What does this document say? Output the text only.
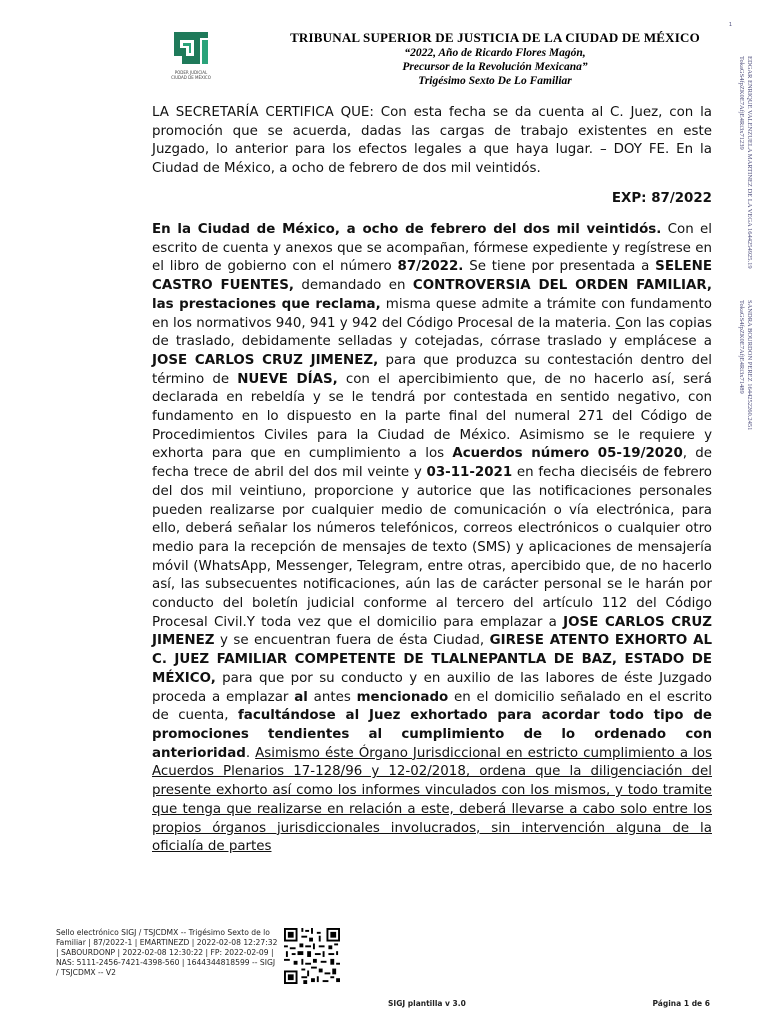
1
PODER JUDICIAL
CIUDAD DE MÉXICO
TRIBUNAL SUPERIOR DE JUSTICIA DE LA CIUDAD DE MÉXICO
“2022, Año de Ricardo Flores Magón,
Precursor de la Revolución Mexicana”
Trigésimo Sexto De Lo Familiar	EDGAR ENRIQUE VALENZUELA MARTINEZ DE LA VEGA 1644254925.19 TokaGS4fpZK0E7AfjE4Ri3x71239
SANDRA BOURDON PEREZ 1644252260.2451 TokaGS4fpZK0E7AfjE4Ri3x71489
LA SECRETARÍA CERTIFICA QUE: Con esta fecha se da cuenta al C. Juez, con la promoción que se acuerda, dadas las cargas de trabajo existentes en este Juzgado, lo anterior para los efectos legales a que haya lugar. – DOY FE. En la Ciudad de México, a ocho de febrero de dos mil veintidós.
EXP: 87/2022
En la Ciudad de México, a ocho de febrero del dos mil veintidós. Con el escrito de cuenta y anexos que se acompañan, fórmese expediente y regístrese en el libro de gobierno con el número 87/2022. Se tiene por presentada a SELENE CASTRO FUENTES, demandado en CONTROVERSIA DEL ORDEN FAMILIAR, las prestaciones que reclama, misma quese admite a trámite con fundamento en los normativos 940, 941 y 942 del Código Procesal de la materia. Con las copias de traslado, debidamente selladas y cotejadas, córrase traslado y emplácese a JOSE CARLOS CRUZ JIMENEZ, para que produzca su contestación dentro del término de NUEVE DÍAS, con el apercibimiento que, de no hacerlo así, será declarada en rebeldía y se le tendrá por contestada en sentido negativo, con fundamento en lo dispuesto en la parte final del numeral 271 del Código de Procedimientos Civiles para la Ciudad de México. Asimismo se le requiere y exhorta para que en cumplimiento a los Acuerdos número 05-19/2020, de fecha trece de abril del dos mil veinte y 03-11-2021 en fecha dieciséis de febrero del dos mil veintiuno, proporcione y autorice que las notificaciones personales pueden realizarse por cualquier medio de comunicación o vía electrónica, para ello, deberá señalar los números telefónicos, correos electrónicos o cualquier otro medio para la recepción de mensajes de texto (SMS) y aplicaciones de mensajería móvil (WhatsApp, Messenger, Telegram, entre otras, apercibido que, de no hacerlo así, las subsecuentes notificaciones, aún las de carácter personal se le harán por conducto del boletín judicial conforme al tercero del artículo 112 del Código Procesal Civil.Y toda vez que el domicilio para emplazar a JOSE CARLOS CRUZ JIMENEZ y se encuentran fuera de ésta Ciudad, GIRESE ATENTO EXHORTO AL C. JUEZ FAMILIAR COMPETENTE DE TLALNEPANTLA DE BAZ, ESTADO DE MÉXICO, para que por su conducto y en auxilio de las labores de éste Juzgado proceda a emplazar al antes mencionado en el domicilio señalado en el escrito de cuenta, facultándose al Juez exhortado para acordar todo tipo de promociones tendientes al cumplimiento de lo ordenado con anterioridad. Asimismo éste Órgano Jurisdiccional en estricto cumplimiento a los Acuerdos Plenarios 17-128/96 y 12-02/2018, ordena que la diligenciación del presente exhorto así como los informes vinculados con los mismos, y todo tramite que tenga que realizarse en relación a este, deberá llevarse a cabo solo entre los propios órganos jurisdiccionales involucrados, sin intervención alguna de la oficialía de partes
Sello electrónico SIGJ / TSJCDMX -- Trigésimo Sexto de lo Familiar | 87/2022-1 | EMARTINEZD | 2022-02-08 12:27:32 | SABOURDONP | 2022-02-08 12:30:22 | FP: 2022-02-09 | NAS: 5111-2456-7421-4398-560 | 1644344818599 -- SIGJ / TSJCDMX -- V2
SIGJ plantilla v 3.0	Página 1 de 6
